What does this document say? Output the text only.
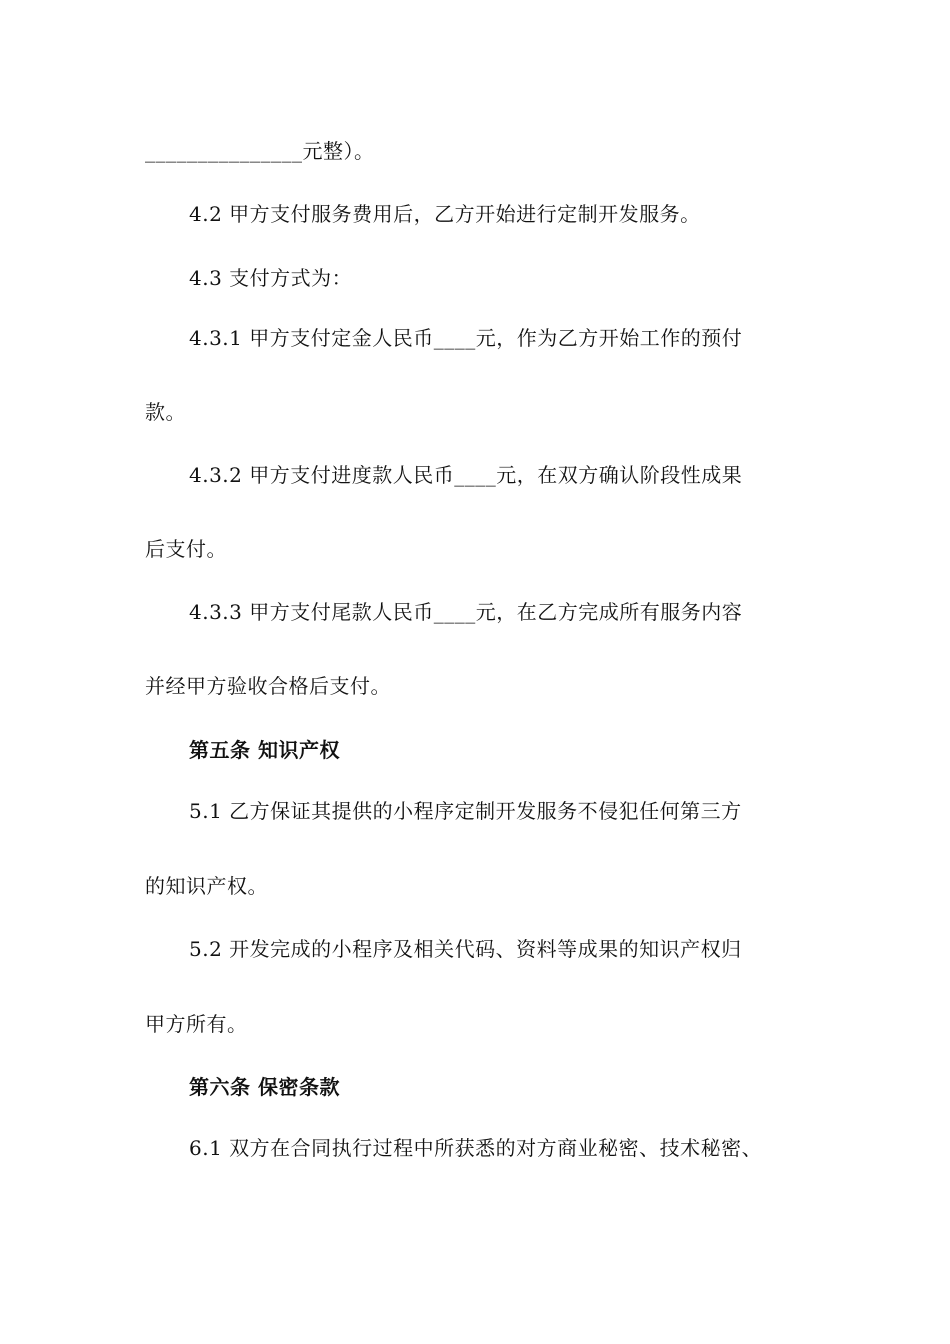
_______________元整）。
4.2 甲方支付服务费用后，乙方开始进行定制开发服务。
4.3 支付方式为：
4.3.1 甲方支付定金人民币____元，作为乙方开始工作的预付
款。
4.3.2 甲方支付进度款人民币____元，在双方确认阶段性成果
后支付。
4.3.3 甲方支付尾款人民币____元，在乙方完成所有服务内容
并经甲方验收合格后支付。
第五条 知识产权
5.1 乙方保证其提供的小程序定制开发服务不侵犯任何第三方
的知识产权。
5.2 开发完成的小程序及相关代码、资料等成果的知识产权归
甲方所有。
第六条 保密条款
6.1 双方在合同执行过程中所获悉的对方商业秘密、技术秘密、
